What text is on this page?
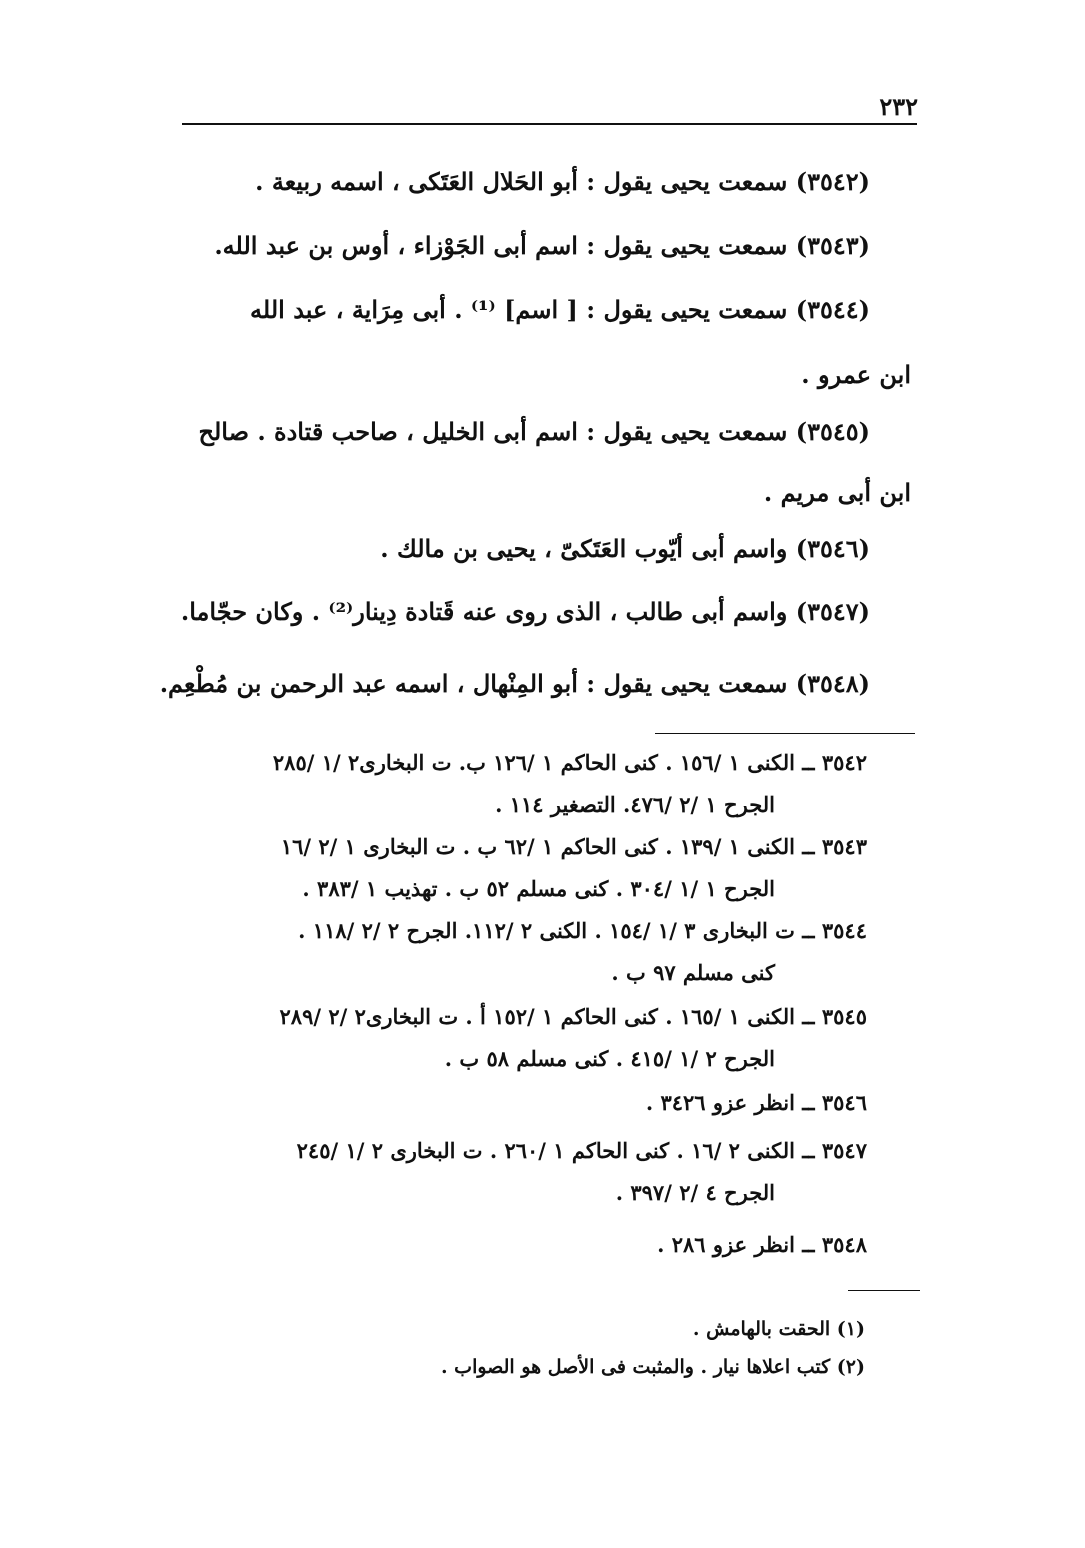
٢٣٢
(٣٥٤٢) سمعت يحيى يقول : أبو الحَلال العَتَكى ، اسمه ربيعة .
(٣٥٤٣) سمعت يحيى يقول : اسم أبى الجَوْزاء ، أوس بن عبد الله.
(٣٥٤٤) سمعت يحيى يقول : [ اسم] ⁽¹⁾ . أبى مِرَاية ، عبد الله
ابن عمرو .
(٣٥٤٥) سمعت يحيى يقول : اسم أبى الخليل ، صاحب قتادة . صالح
ابن أبى مريم .
(٣٥٤٦) واسم أبى أيّوب العَتَكىّ ، يحيى بن مالك .
(٣٥٤٧) واسم أبى طالب ، الذى روى عنه قَتادة دِينار⁽²⁾ . وكان حجّاما.
(٣٥٤٨) سمعت يحيى يقول : أبو المِنْهال ، اسمه عبد الرحمن بن مُطْعِم.
٣٥٤٢ ــ الكنى ١ /١٥٦ . كنى الحاكم ١ /١٢٦ ب. ت البخارى٢ /١ /٢٨٥
الجرح ١ /٢ /٤٧٦. التصغير ١١٤ .
٣٥٤٣ ــ الكنى ١ /١٣٩ . كنى الحاكم ١ /٦٢ ب . ت البخارى ١ /٢ /١٦
الجرح ١ /١ /٣٠٤ . كنى مسلم ٥٢ ب . تهذيب ١ /٣٨٣ .
٣٥٤٤ ــ ت البخارى ٣ /١ /١٥٤ . الكنى ٢ /١١٢. الجرح ٢ /٢ /١١٨ .
كنى مسلم ٩٧ ب .
٣٥٤٥ ــ الكنى ١ /١٦٥ . كنى الحاكم ١ /١٥٢ أ . ت البخارى٢ /٢ /٢٨٩
الجرح ٢ /١ /٤١٥ . كنى مسلم ٥٨ ب .
٣٥٤٦ ــ انظر عزو ٣٤٢٦ .
٣٥٤٧ ــ الكنى ٢ /١٦ . كنى الحاكم ١ /٢٦٠ . ت البخارى ٢ /١ /٢٤٥
الجرح ٤ /٢ /٣٩٧ .
٣٥٤٨ ــ انظر عزو ٢٨٦ .
(١) الحقت بالهامش .
(٢) كتب اعلاها نيار . والمثبت فى الأصل هو الصواب .
